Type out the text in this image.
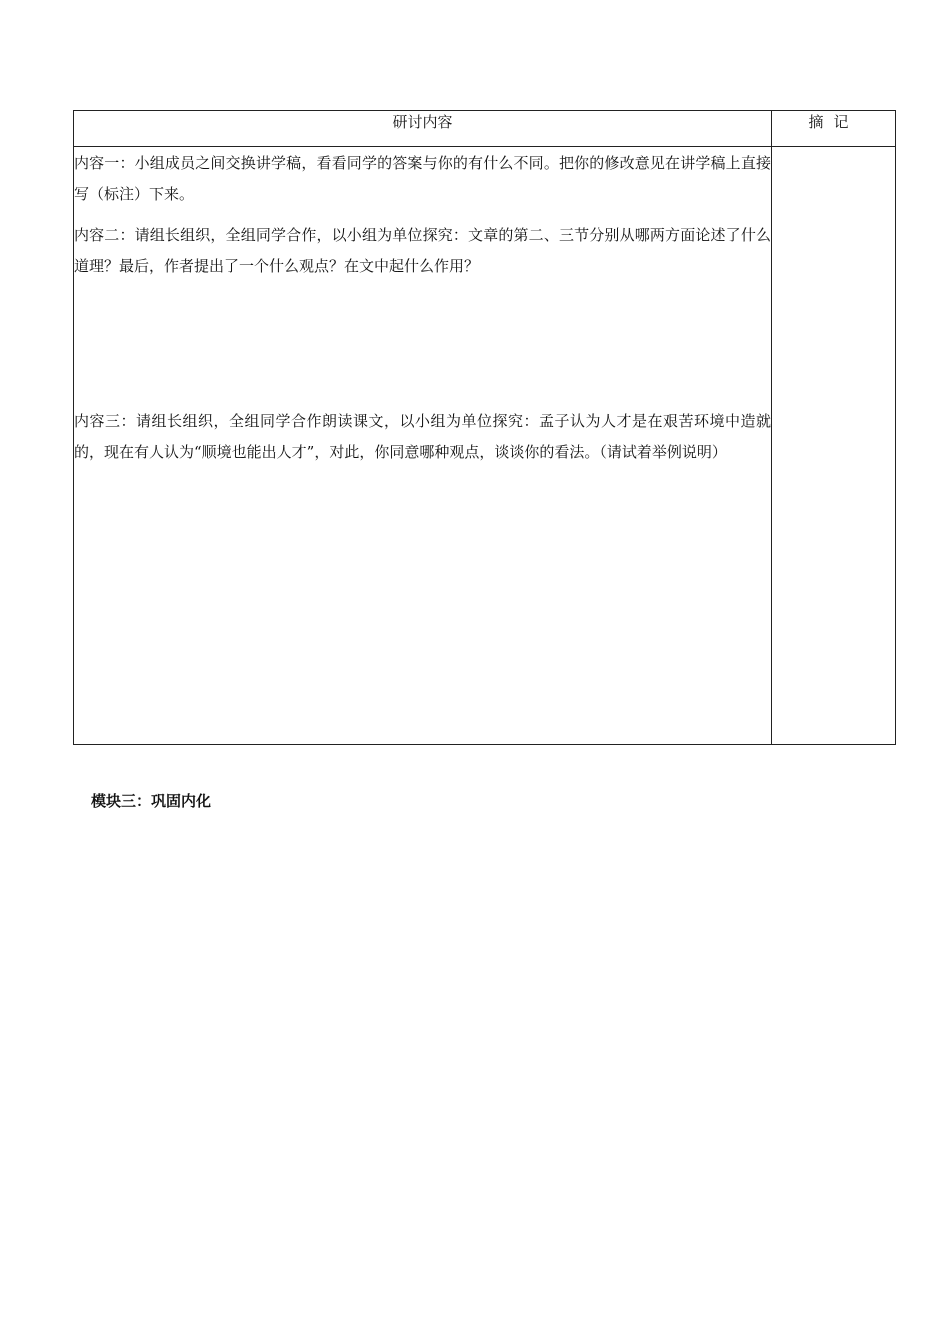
研讨内容	摘记

内容一：小组成员之间交换讲学稿，看看同学的答案与你的有什么不同。把你的修改意见在讲学稿上直接写（标注）下来。

内容二：请组长组织，全组同学合作，以小组为单位探究：文章的第二、三节分别从哪两方面论述了什么道理？最后，作者提出了一个什么观点？在文中起什么作用？

内容三：请组长组织，全组同学合作朗读课文，以小组为单位探究：孟子认为人才是在艰苦环境中造就的，现在有人认为“顺境也能出人才”，对此，你同意哪种观点，谈谈你的看法。（请试着举例说明）	

模块三：巩固内化
